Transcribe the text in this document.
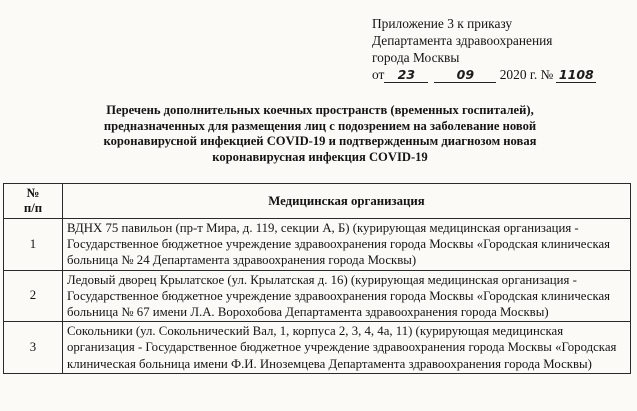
Приложение 3 к приказу
Департамента здравоохранения
города Москвы
от 23	09 2020 г. № 1108
Перечень дополнительных коечных пространств (временных госпиталей), предназначенных для размещения лиц с подозрением на заболевание новой коронавирусной инфекцией COVID-19 и подтвержденным диагнозом новая коронавирусная инфекция COVID-19
№
п/п	Медицинская организация
1	ВДНХ 75 павильон (пр-т Мира, д. 119, секции А, Б) (курирующая медицинская организация - Государственное бюджетное учреждение здравоохранения города Москвы «Городская клиническая больница № 24 Департамента здравоохранения города Москвы)
2	Ледовый дворец Крылатское (ул. Крылатская д. 16) (курирующая медицинская организация - Государственное бюджетное учреждение здравоохранения города Москвы «Городская клиническая больница № 67 имени Л.А. Ворохобова Департамента здравоохранения города Москвы)
3	Сокольники (ул. Сокольнический Вал, 1, корпуса 2, 3, 4, 4а, 11) (курирующая медицинская организация - Государственное бюджетное учреждение здравоохранения города Москвы «Городская клиническая больница имени Ф.И. Иноземцева Департамента здравоохранения города Москвы)
